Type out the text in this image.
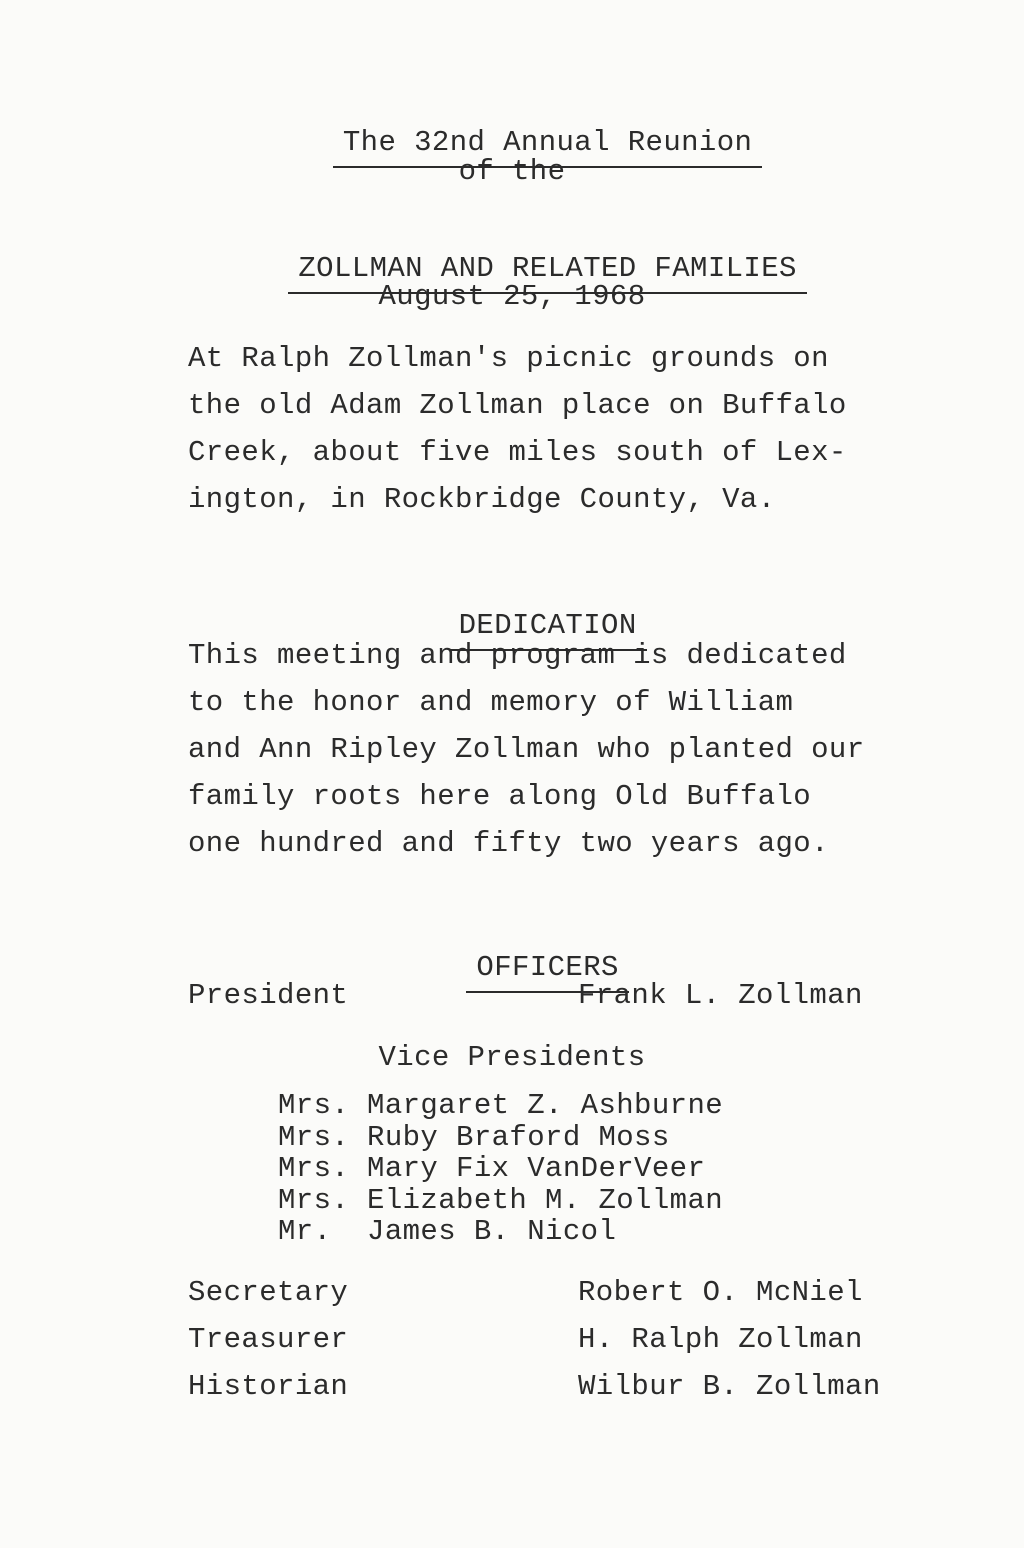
The 32nd Annual Reunion

of the

ZOLLMAN AND RELATED FAMILIES

August 25, 1968
At Ralph Zollman's picnic grounds on
the old Adam Zollman place on Buffalo
Creek, about five miles south of Lex-
ington, in Rockbridge County, Va.

DEDICATION

This meeting and program is dedicated
to the honor and memory of William
and Ann Ripley Zollman who planted our
family roots here along Old Buffalo
one hundred and fifty two years ago.

OFFICERS

President	Frank L. Zollman
Vice Presidents
Mrs. Margaret Z. Ashburne
Mrs. Ruby Braford Moss
Mrs. Mary Fix VanDerVeer
Mrs. Elizabeth M. Zollman
Mr.  James B. Nicol
Secretary	Robert O. McNiel
Treasurer	H. Ralph Zollman
Historian	Wilbur B. Zollman
